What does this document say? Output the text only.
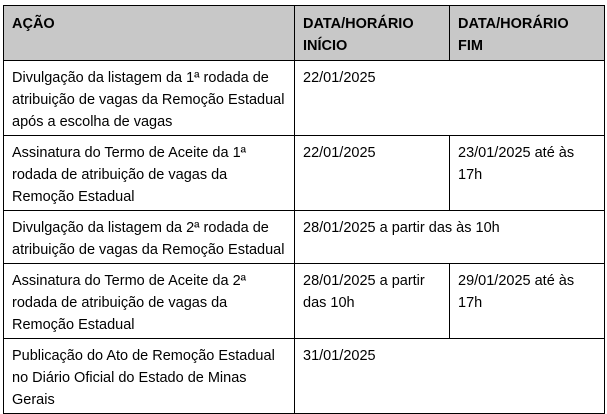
AÇÃO	DATA/HORÁRIO INÍCIO	DATA/HORÁRIO FIM
Divulgação da listagem da 1ª rodada de atribuição de vagas da Remoção Estadual após a escolha de vagas	22/01/2025	
Assinatura do Termo de Aceite da 1ª rodada de atribuição de vagas da Remoção Estadual	22/01/2025	23/01/2025 até às 17h
Divulgação da listagem da 2ª rodada de atribuição de vagas da Remoção Estadual	28/01/2025 a partir das às 10h	
Assinatura do Termo de Aceite da 2ª rodada de atribuição de vagas da Remoção Estadual	28/01/2025 a partir das 10h	29/01/2025 até às 17h
Publicação do Ato de Remoção Estadual no Diário Oficial do Estado de Minas Gerais	31/01/2025	
